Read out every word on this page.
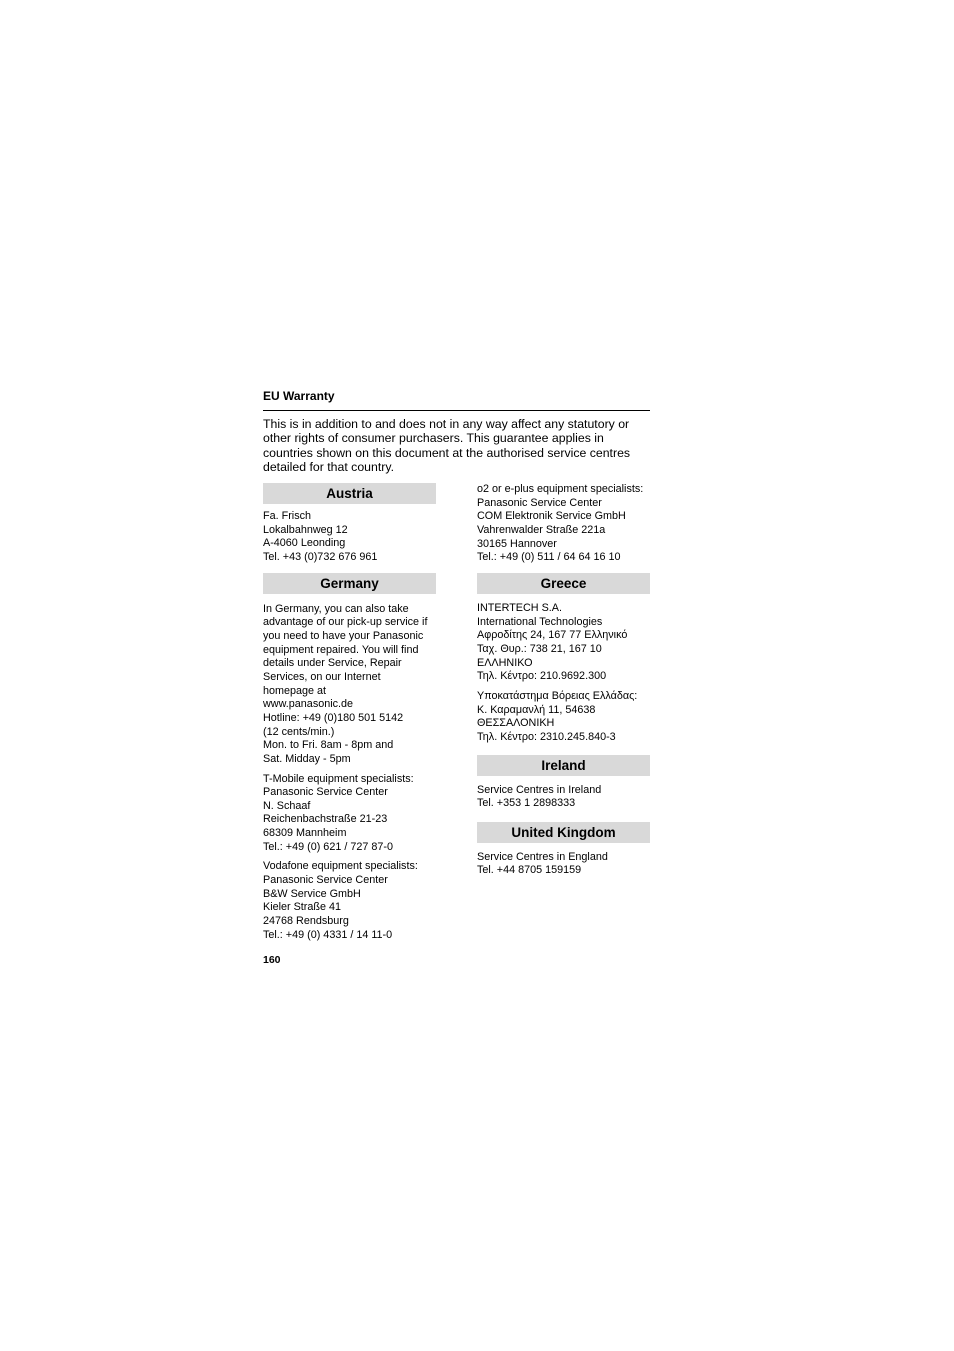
EU Warranty
This is in addition to and does not in any way affect any statutory or other rights of consumer purchasers. This guarantee applies in countries shown on this document at the authorised service centres detailed for that country.
Austria
Fa. Frisch
Lokalbahnweg 12
A-4060 Leonding
Tel. +43 (0)732 676 961
Germany
In Germany, you can also take
advantage of our pick-up service if
you need to have your Panasonic
equipment repaired. You will find
details under Service, Repair
Services, on our Internet
homepage at
www.panasonic.de
Hotline: +49 (0)180 501 5142
(12 cents/min.)
Mon. to Fri. 8am - 8pm and
Sat. Midday - 5pm
T-Mobile equipment specialists:
Panasonic Service Center
N. Schaaf
Reichenbachstraße 21-23
68309 Mannheim
Tel.: +49 (0) 621 / 727 87-0
Vodafone equipment specialists:
Panasonic Service Center
B&W Service GmbH
Kieler Straße 41
24768 Rendsburg
Tel.: +49 (0) 4331 / 14 11-0
o2 or e-plus equipment specialists:
Panasonic Service Center
COM Elektronik Service GmbH
Vahrenwalder Straße 221a
30165 Hannover
Tel.: +49 (0) 511 / 64 64 16 10
Greece
INTERTECH S.A.
International Technologies
Αφροδίτης 24, 167 77 Ελληνικό
Ταχ. Θυρ.: 738 21, 167 10
ΕΛΛΗΝΙΚΟ
Τηλ. Κέντρο: 210.9692.300
Υποκατάστημα Βόρειας Ελλάδας:
Κ. Καραμανλή 11, 54638
ΘΕΣΣΑΛΟΝΙΚΗ
Τηλ. Κέντρο: 2310.245.840-3
Ireland
Service Centres in Ireland
Tel. +353 1 2898333
United Kingdom
Service Centres in England
Tel. +44 8705 159159
160
